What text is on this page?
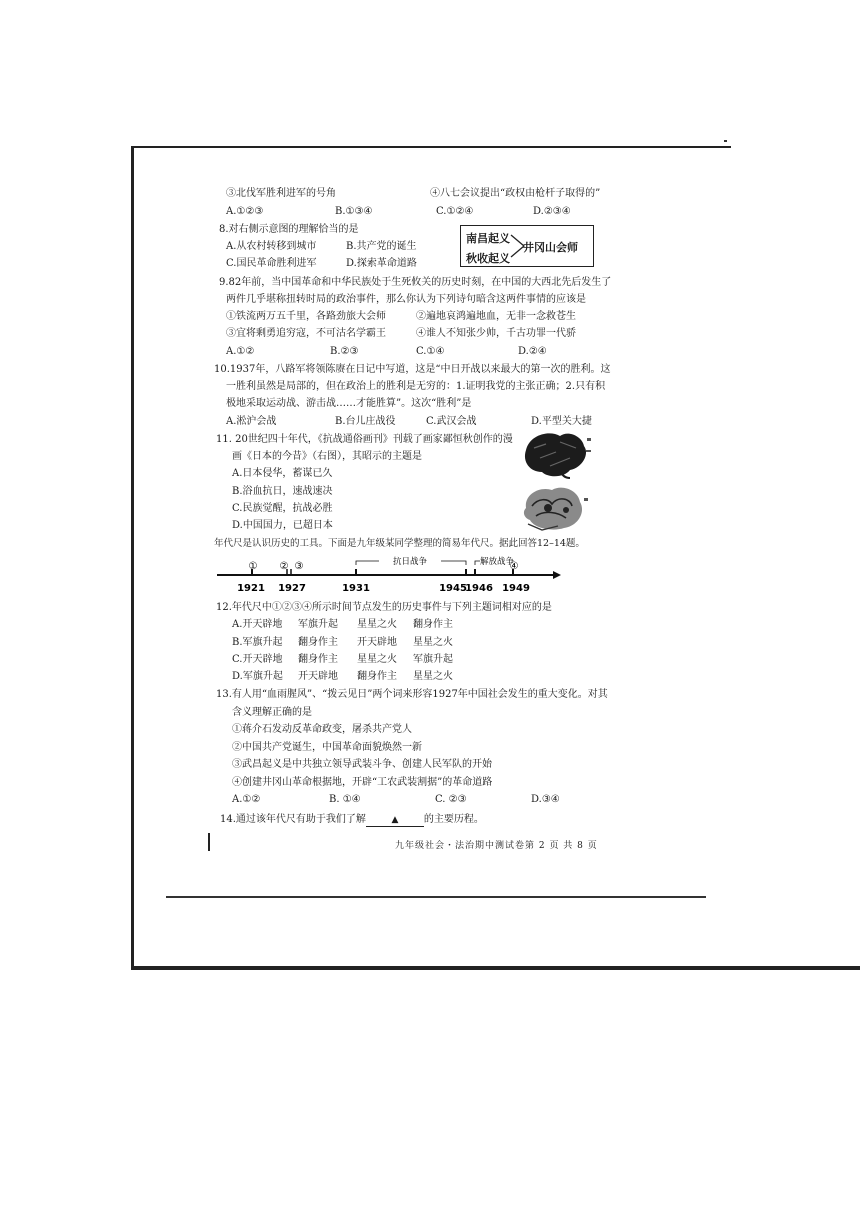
③北伐军胜利进军的号角	④八七会议提出“政权由枪杆子取得的”
A.①②③	B.①③④	C.①②④	D.②③④
8.对右侧示意图的理解恰当的是
A.从农村转移到城市	B.共产党的诞生
C.国民革命胜利进军	D.探索革命道路
南昌起义
秋收起义
井冈山会师
9.82年前，当中国革命和中华民族处于生死攸关的历史时刻，在中国的大西北先后发生了
两件几乎堪称扭转时局的政治事件，那么你认为下列诗句暗含这两件事情的应该是
①铁流两万五千里，各路劲旅大会师	②遍地哀鸿遍地血，无非一念救苍生
③宜将剩勇追穷寇，不可沽名学霸王	④谁人不知张少帅，千古功罪一代骄
A.①②	B.②③	C.①④	D.②④
10.1937年，八路军将领陈赓在日记中写道，这是“中日开战以来最大的第一次的胜利。这
一胜利虽然是局部的，但在政治上的胜利是无穷的：1.证明我党的主张正确；2.只有积
极地采取运动战、游击战……才能胜算”。这次“胜利”是
A.淞沪会战	B.台儿庄战役	C.武汉会战	D.平型关大捷
11. 20世纪四十年代，《抗战通俗画刊》刊载了画家鄙恒秋创作的漫
画《日本的今昔》（右图），其昭示的主题是
A.日本侵华，蓄谋已久
B.浴血抗日，速战速决
C.民族觉醒，抗战必胜
D.中国国力，已超日本
年代尺是认识历史的工具。下面是九年级某同学整理的简易年代尺。据此回答12–14题。
抗日战争	解放战争
① ② ③	④
1921 1927	1931	1945
1946 1949
12.年代尺中①②③④所示时间节点发生的历史事件与下列主题词相对应的是
A.开天辟地 军旗升起 星星之火 翻身作主
B.军旗升起 翻身作主 开天辟地 星星之火
C.开天辟地 翻身作主 星星之火 军旗升起
D.军旗升起 开天辟地 翻身作主 星星之火
13.有人用“血雨腥风”、“拨云见日”两个词来形容1927年中国社会发生的重大变化。对其
含义理解正确的是
①蒋介石发动反革命政变，屠杀共产党人
②中国共产党诞生，中国革命面貌焕然一新
③武昌起义是中共独立领导武装斗争、创建人民军队的开始
④创建井冈山革命根据地，开辟“工农武装割据”的革命道路
A.①②	B. ①④	C. ②③	D.③④
14.通过该年代尺有助于我们了解	▲	的主要历程。
九年级社会・法治期中测试卷第 2 页 共 8 页
